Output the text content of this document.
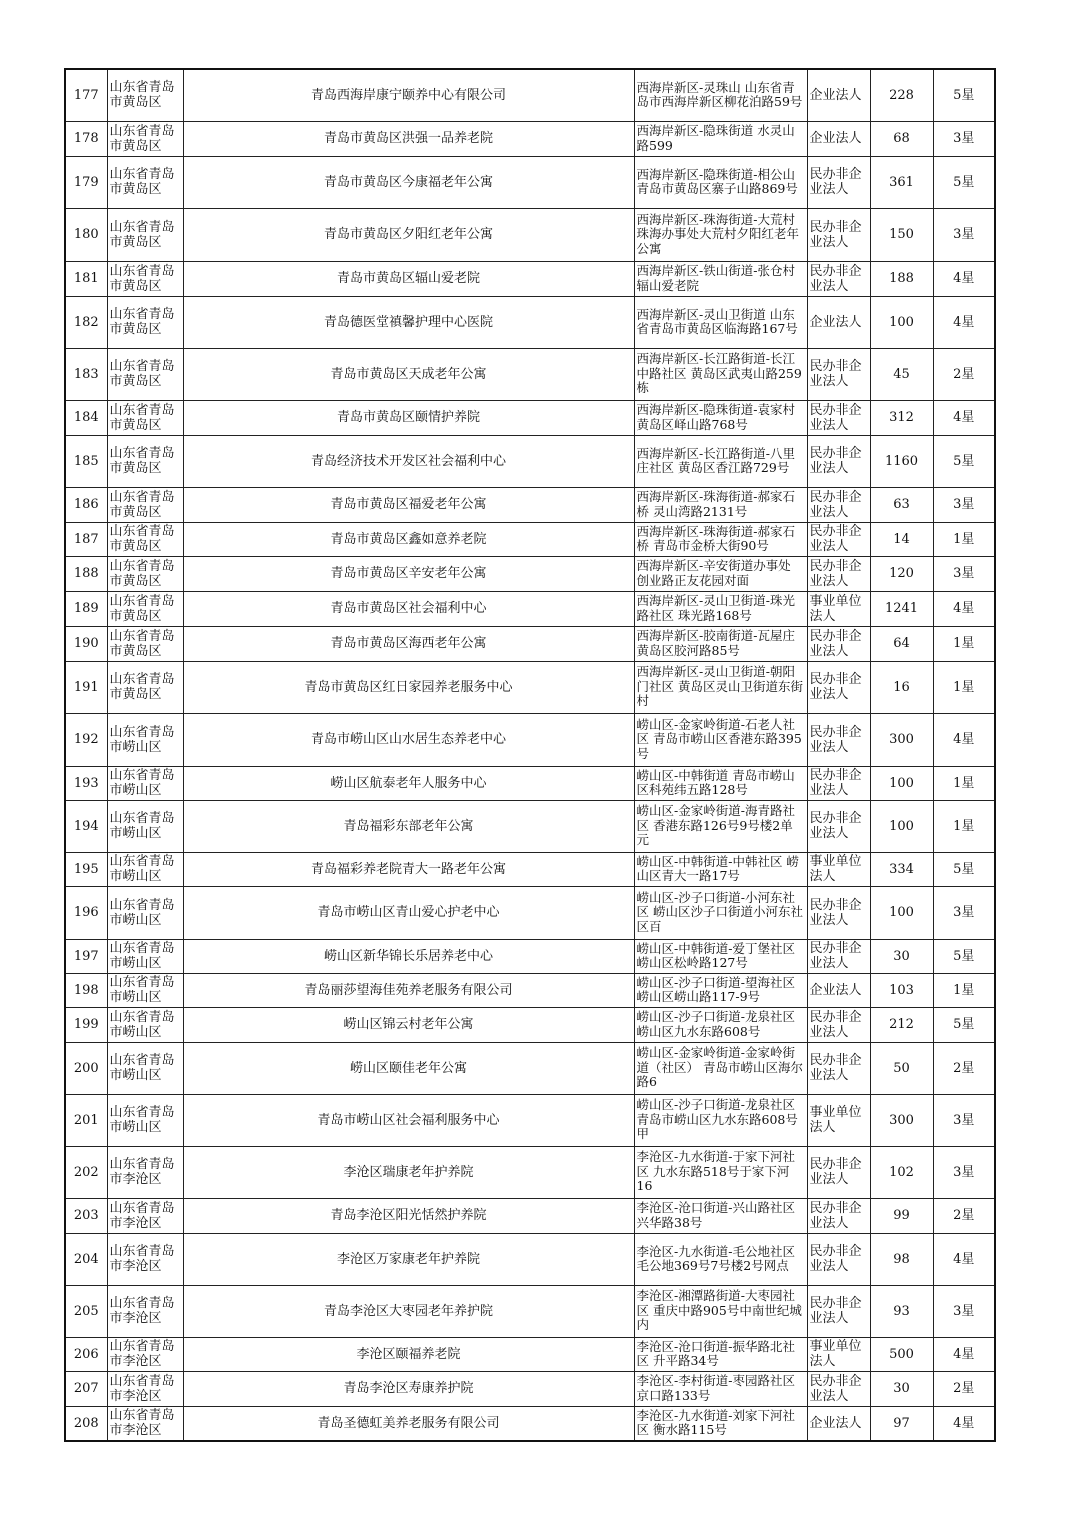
177	山东省青岛市黄岛区	青岛西海岸康宁颐养中心有限公司	西海岸新区-灵珠山 山东省青岛市西海岸新区柳花泊路59号	企业法人	228	5星
178	山东省青岛市黄岛区	青岛市黄岛区洪强一品养老院	西海岸新区-隐珠街道 水灵山路599	企业法人	68	3星
179	山东省青岛市黄岛区	青岛市黄岛区今康福老年公寓	西海岸新区-隐珠街道-相公山 青岛市黄岛区寨子山路869号	民办非企业法人	361	5星
180	山东省青岛市黄岛区	青岛市黄岛区夕阳红老年公寓	西海岸新区-珠海街道-大荒村 珠海办事处大荒村夕阳红老年公寓	民办非企业法人	150	3星
181	山东省青岛市黄岛区	青岛市黄岛区辐山爱老院	西海岸新区-铁山街道-张仓村 辐山爱老院	民办非企业法人	188	4星
182	山东省青岛市黄岛区	青岛德医堂禛馨护理中心医院	西海岸新区-灵山卫街道 山东省青岛市黄岛区临海路167号	企业法人	100	4星
183	山东省青岛市黄岛区	青岛市黄岛区天成老年公寓	西海岸新区-长江路街道-长江中路社区 黄岛区武夷山路259栋	民办非企业法人	45	2星
184	山东省青岛市黄岛区	青岛市黄岛区颐情护养院	西海岸新区-隐珠街道-袁家村 黄岛区峄山路768号	民办非企业法人	312	4星
185	山东省青岛市黄岛区	青岛经济技术开发区社会福利中心	西海岸新区-长江路街道-八里庄社区 黄岛区香江路729号	民办非企业法人	1160	5星
186	山东省青岛市黄岛区	青岛市黄岛区福爱老年公寓	西海岸新区-珠海街道-郝家石桥 灵山湾路2131号	民办非企业法人	63	3星
187	山东省青岛市黄岛区	青岛市黄岛区鑫如意养老院	西海岸新区-珠海街道-郝家石桥 青岛市金桥大街90号	民办非企业法人	14	1星
188	山东省青岛市黄岛区	青岛市黄岛区辛安老年公寓	西海岸新区-辛安街道办事处 创业路正友花园对面	民办非企业法人	120	3星
189	山东省青岛市黄岛区	青岛市黄岛区社会福利中心	西海岸新区-灵山卫街道-珠光路社区 珠光路168号	事业单位法人	1241	4星
190	山东省青岛市黄岛区	青岛市黄岛区海西老年公寓	西海岸新区-胶南街道-瓦屋庄 黄岛区胶河路85号	民办非企业法人	64	1星
191	山东省青岛市黄岛区	青岛市黄岛区红日家园养老服务中心	西海岸新区-灵山卫街道-朝阳门社区 黄岛区灵山卫街道东街村	民办非企业法人	16	1星
192	山东省青岛市崂山区	青岛市崂山区山水居生态养老中心	崂山区-金家岭街道-石老人社区 青岛市崂山区香港东路395号	民办非企业法人	300	4星
193	山东省青岛市崂山区	崂山区航泰老年人服务中心	崂山区-中韩街道 青岛市崂山区科苑纬五路128号	民办非企业法人	100	1星
194	山东省青岛市崂山区	青岛福彩东部老年公寓	崂山区-金家岭街道-海青路社区 香港东路126号9号楼2单元	民办非企业法人	100	1星
195	山东省青岛市崂山区	青岛福彩养老院青大一路老年公寓	崂山区-中韩街道-中韩社区 崂山区青大一路17号	事业单位法人	334	5星
196	山东省青岛市崂山区	青岛市崂山区青山爱心护老中心	崂山区-沙子口街道-小河东社区 崂山区沙子口街道小河东社区百	民办非企业法人	100	3星
197	山东省青岛市崂山区	崂山区新华锦长乐居养老中心	崂山区-中韩街道-爱丁堡社区 崂山区松岭路127号	民办非企业法人	30	5星
198	山东省青岛市崂山区	青岛丽莎望海佳苑养老服务有限公司	崂山区-沙子口街道-望海社区 崂山区崂山路117-9号	企业法人	103	1星
199	山东省青岛市崂山区	崂山区锦云村老年公寓	崂山区-沙子口街道-龙泉社区 崂山区九水东路608号	民办非企业法人	212	5星
200	山东省青岛市崂山区	崂山区颐佳老年公寓	崂山区-金家岭街道-金家岭街道（社区） 青岛市崂山区海尔路6	民办非企业法人	50	2星
201	山东省青岛市崂山区	青岛市崂山区社会福利服务中心	崂山区-沙子口街道-龙泉社区 青岛市崂山区九水东路608号甲	事业单位法人	300	3星
202	山东省青岛市李沧区	李沧区瑞康老年护养院	李沧区-九水街道-于家下河社区 九水东路518号于家下河16	民办非企业法人	102	3星
203	山东省青岛市李沧区	青岛李沧区阳光恬然护养院	李沧区-沧口街道-兴山路社区 兴华路38号	民办非企业法人	99	2星
204	山东省青岛市李沧区	李沧区万家康老年护养院	李沧区-九水街道-毛公地社区 毛公地369号7号楼2号网点	民办非企业法人	98	4星
205	山东省青岛市李沧区	青岛李沧区大枣园老年养护院	李沧区-湘潭路街道-大枣园社区 重庆中路905号中南世纪城内	民办非企业法人	93	3星
206	山东省青岛市李沧区	李沧区颐福养老院	李沧区-沧口街道-振华路北社区 升平路34号	事业单位法人	500	4星
207	山东省青岛市李沧区	青岛李沧区寿康养护院	李沧区-李村街道-枣园路社区 京口路133号	民办非企业法人	30	2星
208	山东省青岛市李沧区	青岛圣德虹美养老服务有限公司	李沧区-九水街道-刘家下河社区 衡水路115号	企业法人	97	4星
